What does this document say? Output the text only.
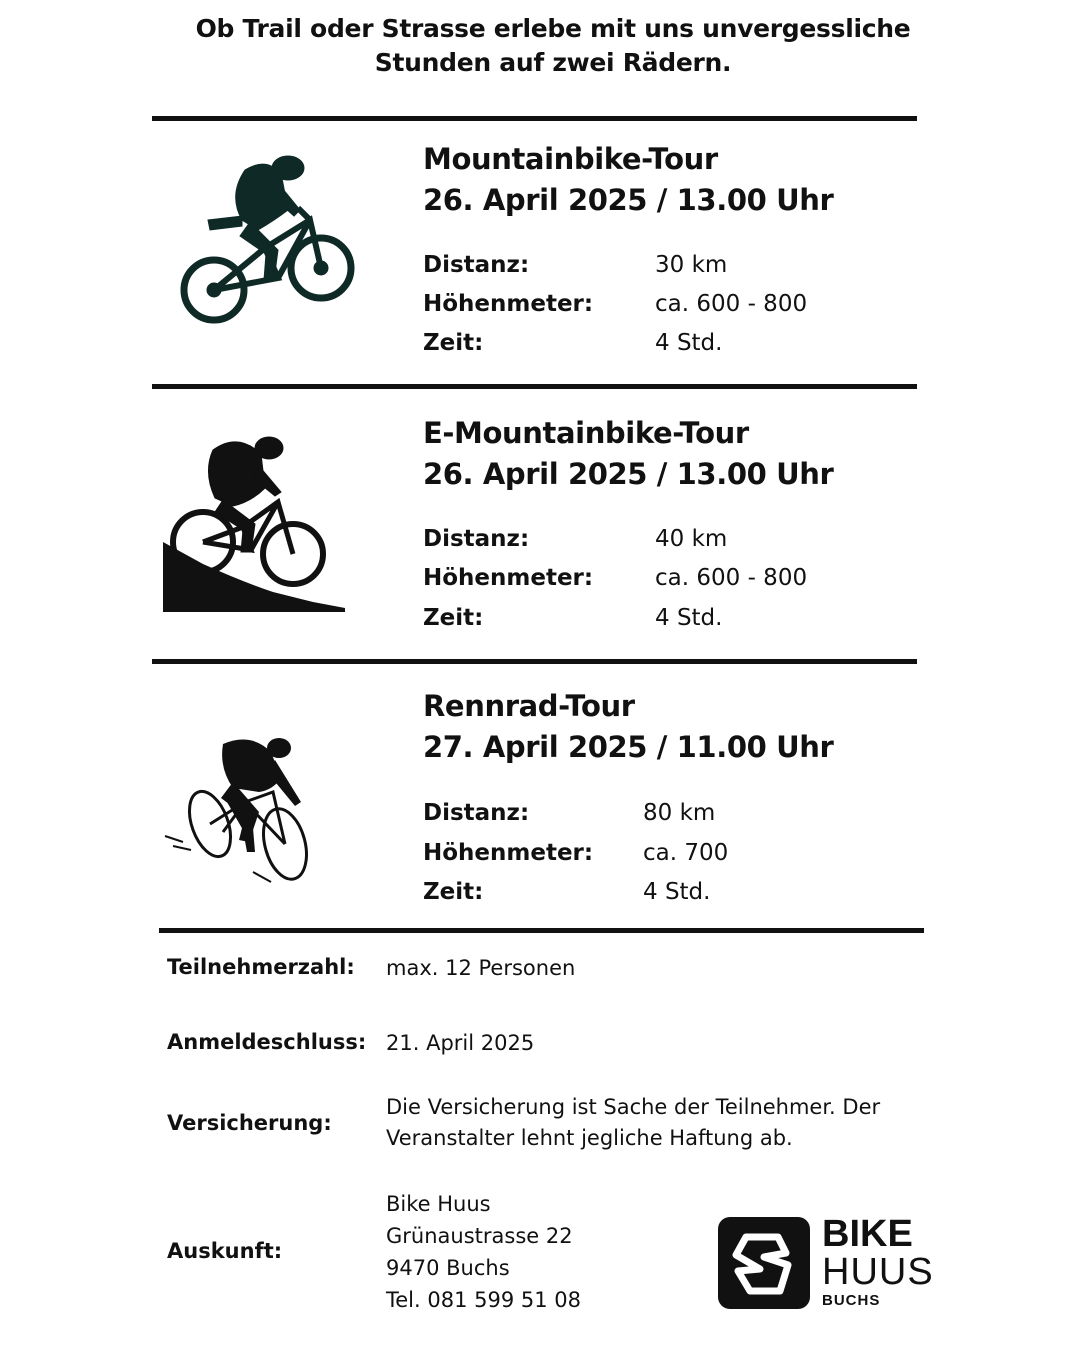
Ob Trail oder Strasse erlebe mit uns unvergessliche
Stunden auf zwei Rädern.
Mountainbike-Tour
26. April 2025 / 13.00 Uhr
Distanz:	30 km
Höhenmeter:	ca. 600 - 800
Zeit:	4 Std.
E-Mountainbike-Tour
26. April 2025 / 13.00 Uhr
Distanz:	40 km
Höhenmeter:	ca. 600 - 800
Zeit:	4 Std.
Rennrad-Tour
27. April 2025 / 11.00 Uhr
Distanz:	80 km
Höhenmeter: ca. 700
Zeit:	4 Std.
Teilnehmerzahl: max. 12 Personen
Anmeldeschluss: 21. April 2025
Versicherung:
Die Versicherung ist Sache der Teilnehmer. Der
Veranstalter lehnt jegliche Haftung ab.
Auskunft:
Bike Huus
Grünaustrasse 22
9470 Buchs
Tel. 081 599 51 08
BIKE
HUUS
BUCHS
